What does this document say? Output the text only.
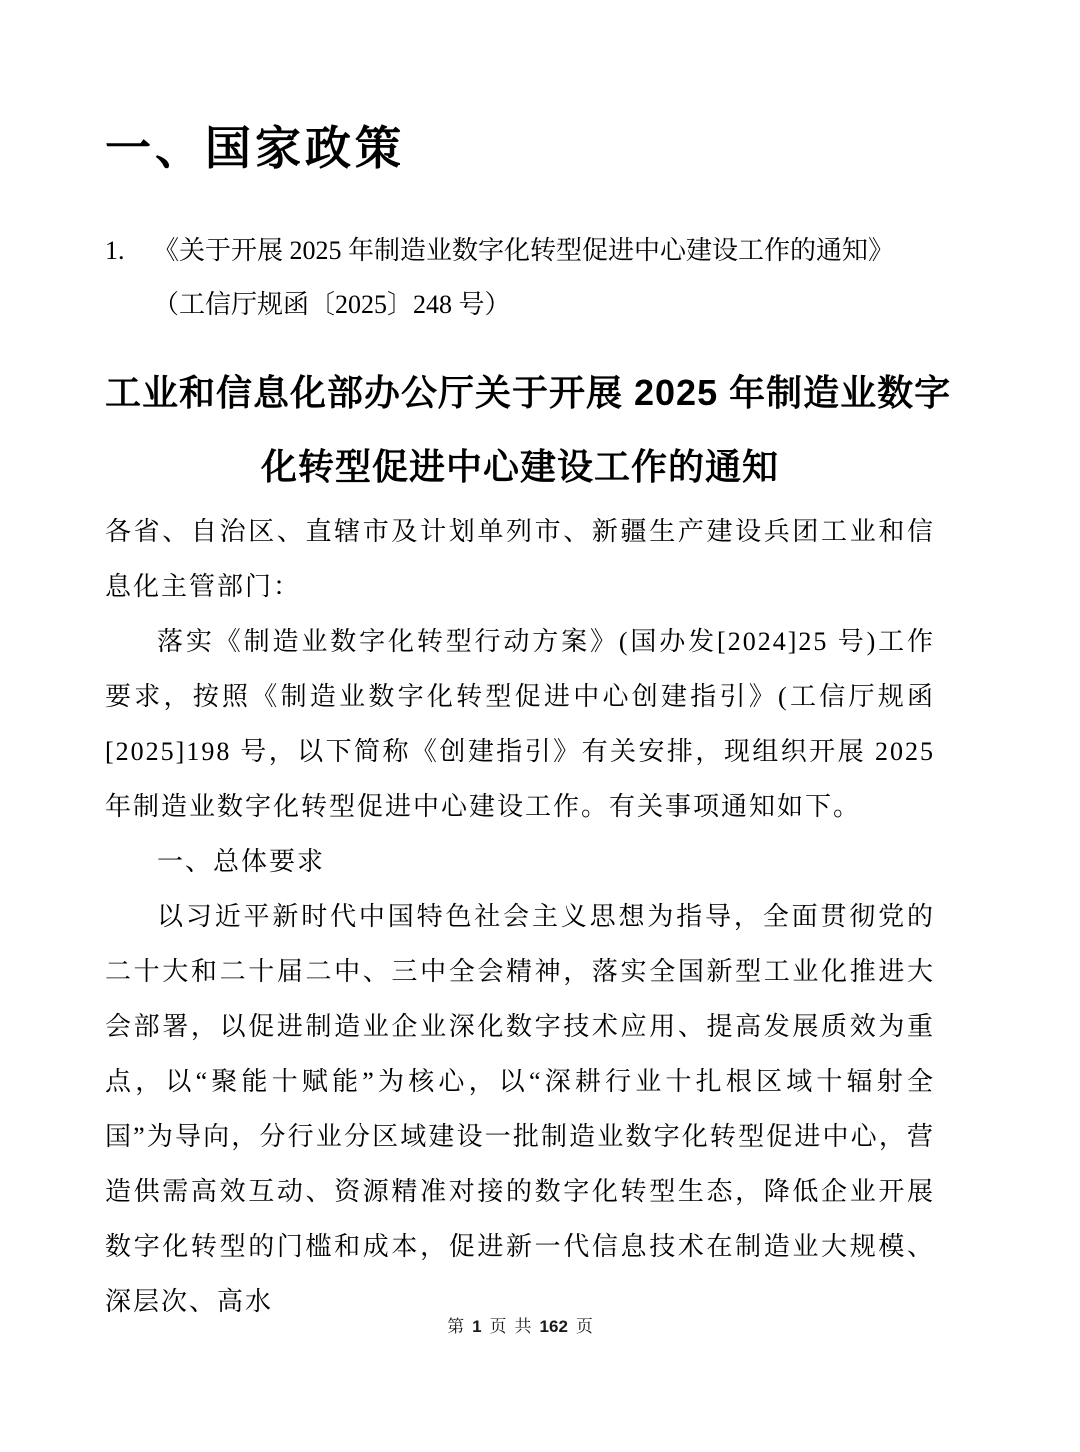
一、国家政策
1.	《关于开展 2025 年制造业数字化转型促进中心建设工作的通知》
（工信厅规函〔2025〕248 号）
工业和信息化部办公厅关于开展 2025 年制造业数字
化转型促进中心建设工作的通知

各省、自治区、直辖市及计划单列市、新疆生产建设兵团工业和信息化主管部门：

落实《制造业数字化转型行动方案》(国办发[2024]25 号)工作要求，按照《制造业数字化转型促进中心创建指引》(工信厅规函[2025]198 号，以下简称《创建指引》有关安排，现组织开展 2025 年制造业数字化转型促进中心建设工作。有关事项通知如下。

一、总体要求

以习近平新时代中国特色社会主义思想为指导，全面贯彻党的二十大和二十届二中、三中全会精神，落实全国新型工业化推进大会部署，以促进制造业企业深化数字技术应用、提高发展质效为重点，以“聚能十赋能”为核心，以“深耕行业十扎根区域十辐射全国”为导向，分行业分区域建设一批制造业数字化转型促进中心，营造供需高效互动、资源精准对接的数字化转型生态，降低企业开展数字化转型的门槛和成本，促进新一代信息技术在制造业大规模、深层次、高水

第 1 页 共 162 页
